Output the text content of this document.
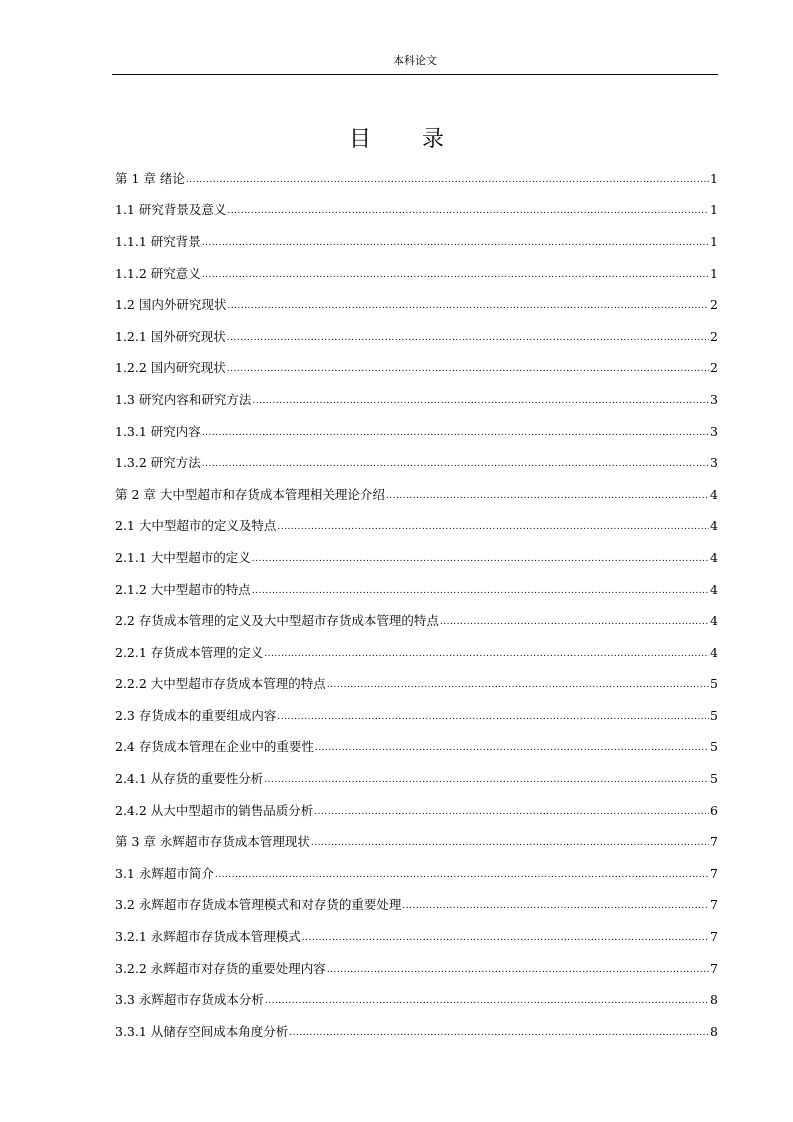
本科论文
目 录
第 1 章 绪论 .....	1
1.1 研究背景及意义 .....	1
1.1.1 研究背景 .....	1
1.1.2 研究意义 .....	1
1.2 国内外研究现状 .....	2
1.2.1 国外研究现状 .....	2
1.2.2 国内研究现状 .....	2
1.3 研究内容和研究方法 .....	3
1.3.1 研究内容 .....	3
1.3.2 研究方法 .....	3
第 2 章 大中型超市和存货成本管理相关理论介绍 .....	4
2.1 大中型超市的定义及特点 .....	4
2.1.1 大中型超市的定义 .....	4
2.1.2 大中型超市的特点 .....	4
2.2 存货成本管理的定义及大中型超市存货成本管理的特点 .....	4
2.2.1 存货成本管理的定义 .....	4
2.2.2 大中型超市存货成本管理的特点 .....	5
2.3 存货成本的重要组成内容 .....	5
2.4 存货成本管理在企业中的重要性 .....	5
2.4.1 从存货的重要性分析 .....	5
2.4.2 从大中型超市的销售品质分析 .....	6
第 3 章 永辉超市存货成本管理现状 .....	7
3.1 永辉超市简介 .....	7
3.2 永辉超市存货成本管理模式和对存货的重要处理 .....	7
3.2.1 永辉超市存货成本管理模式 .....	7
3.2.2 永辉超市对存货的重要处理内容 .....	7
3.3 永辉超市存货成本分析 .....	8
3.3.1 从储存空间成本角度分析 .....	8
